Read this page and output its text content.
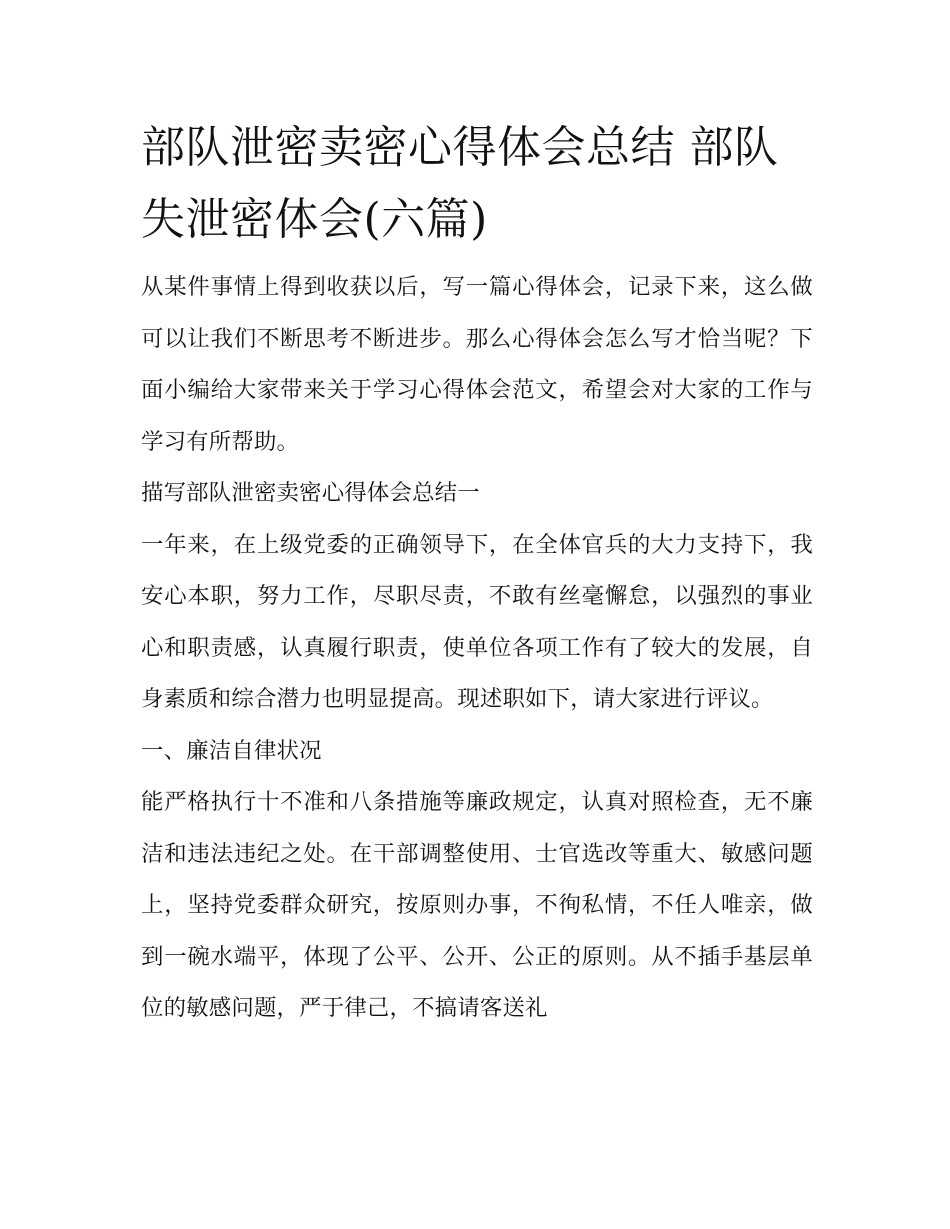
部队泄密卖密心得体会总结 部队失泄密体会(六篇)

从某件事情上得到收获以后，写一篇心得体会，记录下来，这么做可以让我们不断思考不断进步。那么心得体会怎么写才恰当呢？下面小编给大家带来关于学习心得体会范文，希望会对大家的工作与学习有所帮助。

描写部队泄密卖密心得体会总结一

一年来，在上级党委的正确领导下，在全体官兵的大力支持下，我安心本职，努力工作，尽职尽责，不敢有丝毫懈怠，以强烈的事业心和职责感，认真履行职责，使单位各项工作有了较大的发展，自身素质和综合潜力也明显提高。现述职如下，请大家进行评议。

一、廉洁自律状况

能严格执行十不准和八条措施等廉政规定，认真对照检查，无不廉洁和违法违纪之处。在干部调整使用、士官选改等重大、敏感问题上，坚持党委群众研究，按原则办事，不徇私情，不任人唯亲，做到一碗水端平，体现了公平、公开、公正的原则。从不插手基层单位的敏感问题，严于律己，不搞请客送礼
